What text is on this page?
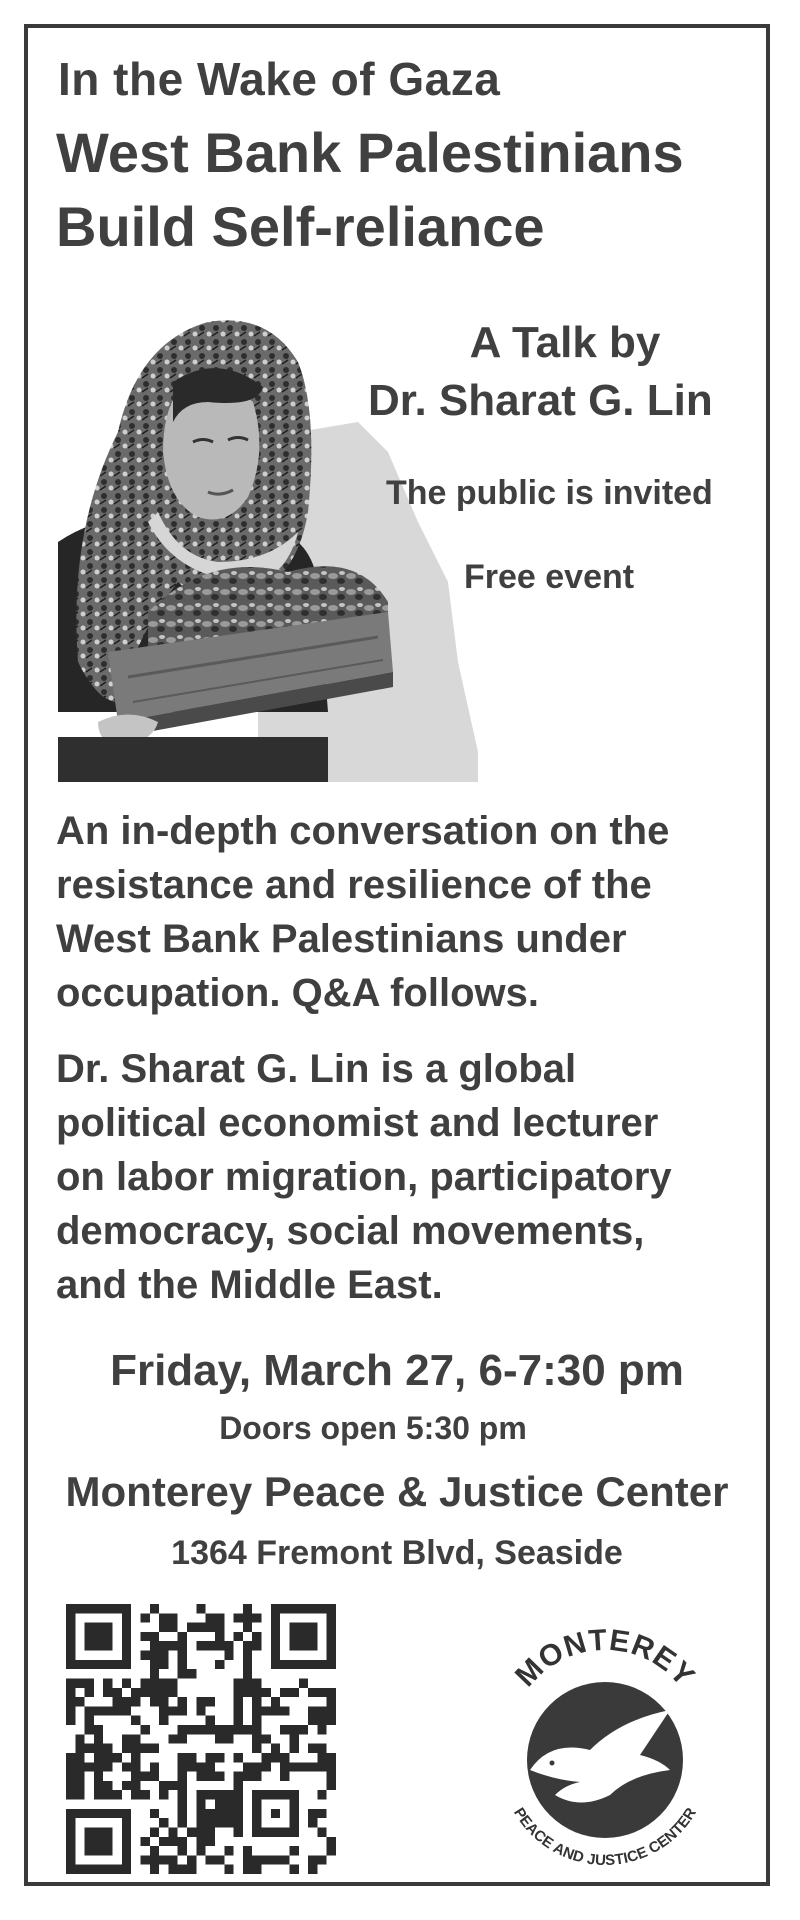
In the Wake of Gaza
West Bank Palestinians
Build Self-reliance
A Talk by
Dr. Sharat G. Lin
The public is invited
Free event
An in-depth conversation on the
resistance and resilience of the
West Bank Palestinians under
occupation. Q&A follows.
Dr. Sharat G. Lin is a global
political economist and lecturer
on labor migration, participatory
democracy, social movements,
and the Middle East.
Friday, March 27, 6-7:30 pm
Doors open 5:30 pm
Monterey Peace & Justice Center
1364 Fremont Blvd, Seaside
MONTEREY
PEACE AND JUSTICE CENTER
